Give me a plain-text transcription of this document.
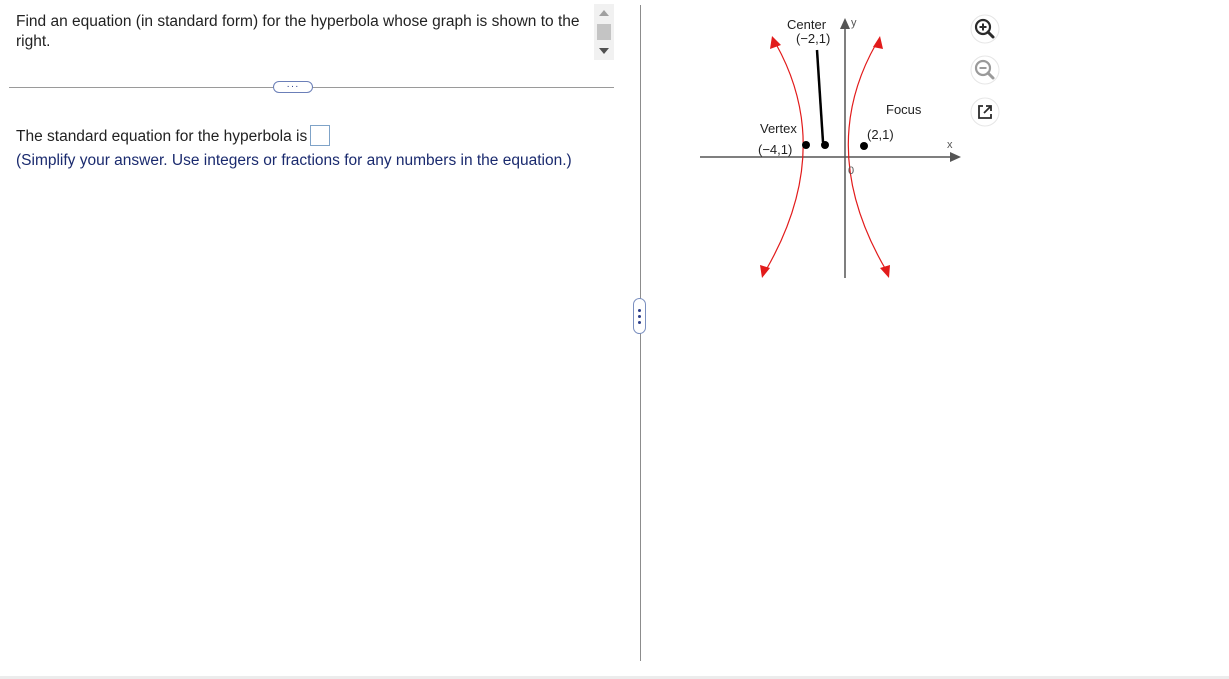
Find an equation (in standard form) for the hyperbola whose graph is shown to the right.
···
The standard equation for the hyperbola is
(Simplify your answer. Use integers or fractions for any numbers in the equation.)
Center
(−2,1)
y
Focus
(2,1)
Vertex
(−4,1)	x
0
